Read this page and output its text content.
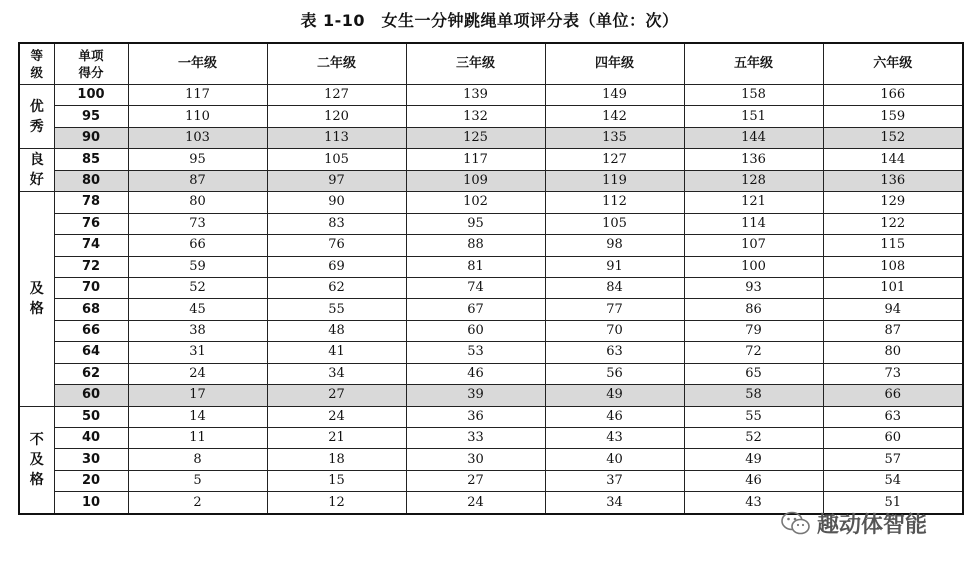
表 1-10　女生一分钟跳绳单项评分表（单位：次）
等
级	单项
得分	一年级	二年级	三年级	四年级	五年级	六年级
优
秀	100	117	127	139	149	158	166
	95	110	120	132	142	151	159
	90	103	113	125	135	144	152
良
好	85	95	105	117	127	136	144
	80	87	97	109	119	128	136
及
格	78	80	90	102	112	121	129
	76	73	83	95	105	114	122
	74	66	76	88	98	107	115
	72	59	69	81	91	100	108
	70	52	62	74	84	93	101
	68	45	55	67	77	86	94
	66	38	48	60	70	79	87
	64	31	41	53	63	72	80
	62	24	34	46	56	65	73
	60	17	27	39	49	58	66
不
及
格	50	14	24	36	46	55	63
	40	11	21	33	43	52	60
	30	8	18	30	40	49	57
	20	5	15	27	37	46	54
	10	2	12	24	34	43	51
趣动体智能
